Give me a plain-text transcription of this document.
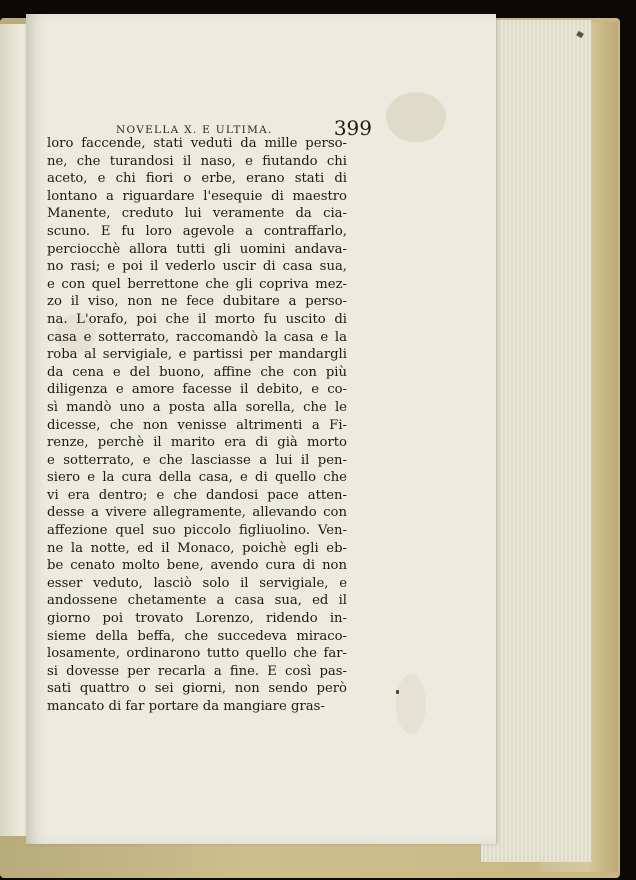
NOVELLA X. E ULTIMA.	399
loro faccende, stati veduti da mille perso-
ne, che turandosi il naso, e fiutando chi
aceto, e chi fiori o erbe, erano stati di
lontano a riguardare l'esequie di maestro
Manente, creduto lui veramente da cia-
scuno. E fu loro agevole a contraffarlo,
perciocchè allora tutti gli uomini andava-
no rasi; e poi il vederlo uscir di casa sua,
e con quel berrettone che gli copriva mez-
zo il viso, non ne fece dubitare a perso-
na. L'orafo, poi che il morto fu uscito di
casa e sotterrato, raccomandò la casa e la
roba al servigiale, e partissi per mandargli
da cena e del buono, affine che con più
diligenza e amore facesse il debito, e co-
sì mandò uno a posta alla sorella, che le
dicesse, che non venisse altrimenti a Fi-
renze, perchè il marito era di già morto
e sotterrato, e che lasciasse a lui il pen-
siero e la cura della casa, e di quello che
vi era dentro; e che dandosi pace atten-
desse a vivere allegramente, allevando con
affezione quel suo piccolo figliuolino. Ven-
ne la notte, ed il Monaco, poichè egli eb-
be cenato molto bene, avendo cura di non
esser veduto, lasciò solo il servigiale, e
andossene chetamente a casa sua, ed il
giorno poi trovato Lorenzo, ridendo in-
sieme della beffa, che succedeva miraco-
losamente, ordinarono tutto quello che far-
si dovesse per recarla a fine. E così pas-
sati quattro o sei giorni, non sendo però
mancato di far portare da mangiare gras-
